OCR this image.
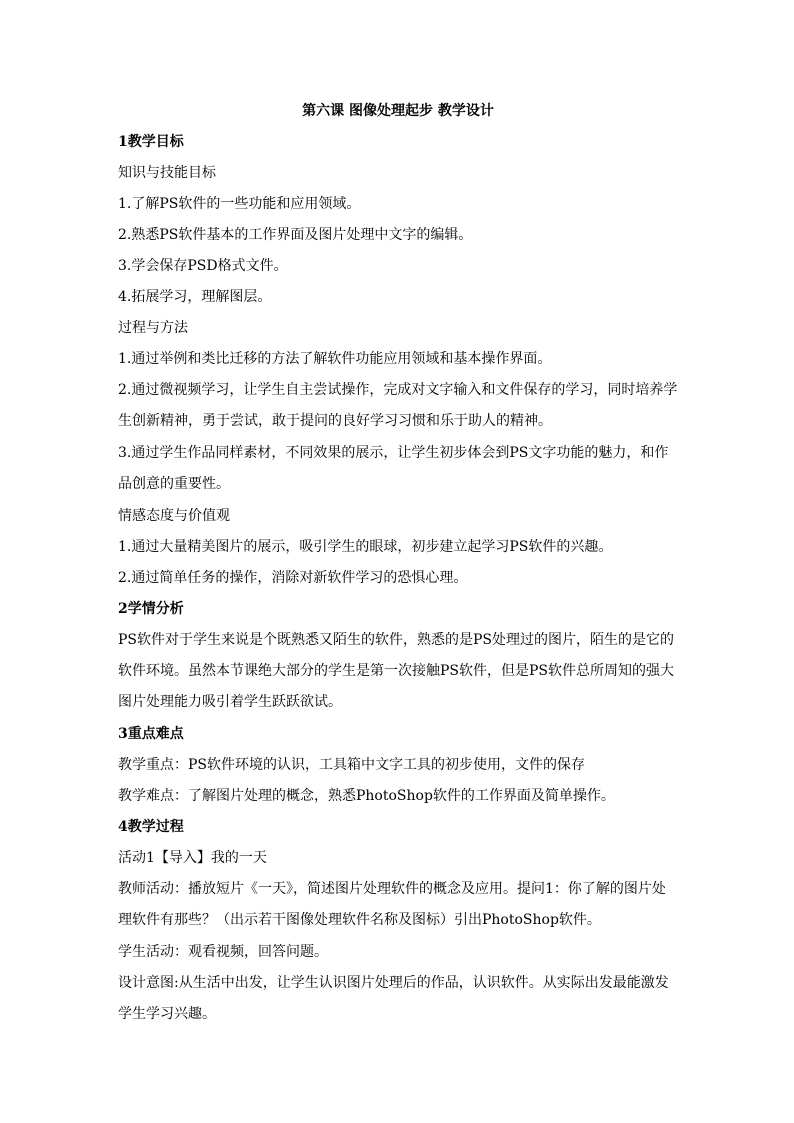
第六课 图像处理起步 教学设计
1教学目标
知识与技能目标
1.了解PS软件的一些功能和应用领域。
2.熟悉PS软件基本的工作界面及图片处理中文字的编辑。
3.学会保存PSD格式文件。
4.拓展学习，理解图层。
过程与方法
1.通过举例和类比迁移的方法了解软件功能应用领域和基本操作界面。
2.通过微视频学习，让学生自主尝试操作，完成对文字输入和文件保存的学习，同时培养学生创新精神，勇于尝试，敢于提问的良好学习习惯和乐于助人的精神。
3.通过学生作品同样素材，不同效果的展示，让学生初步体会到PS文字功能的魅力，和作品创意的重要性。
情感态度与价值观
1.通过大量精美图片的展示，吸引学生的眼球，初步建立起学习PS软件的兴趣。
2.通过简单任务的操作，消除对新软件学习的恐惧心理。
2学情分析
PS软件对于学生来说是个既熟悉又陌生的软件，熟悉的是PS处理过的图片，陌生的是它的软件环境。虽然本节课绝大部分的学生是第一次接触PS软件，但是PS软件总所周知的强大图片处理能力吸引着学生跃跃欲试。
3重点难点
教学重点：PS软件环境的认识，工具箱中文字工具的初步使用，文件的保存
教学难点：了解图片处理的概念，熟悉PhotoShop软件的工作界面及简单操作。
4教学过程
活动1【导入】我的一天
教师活动：播放短片《一天》，简述图片处理软件的概念及应用。提问1：你了解的图片处理软件有那些？（出示若干图像处理软件名称及图标）引出PhotoShop软件。
学生活动：观看视频，回答问题。
设计意图:从生活中出发，让学生认识图片处理后的作品，认识软件。从实际出发最能激发学生学习兴趣。
